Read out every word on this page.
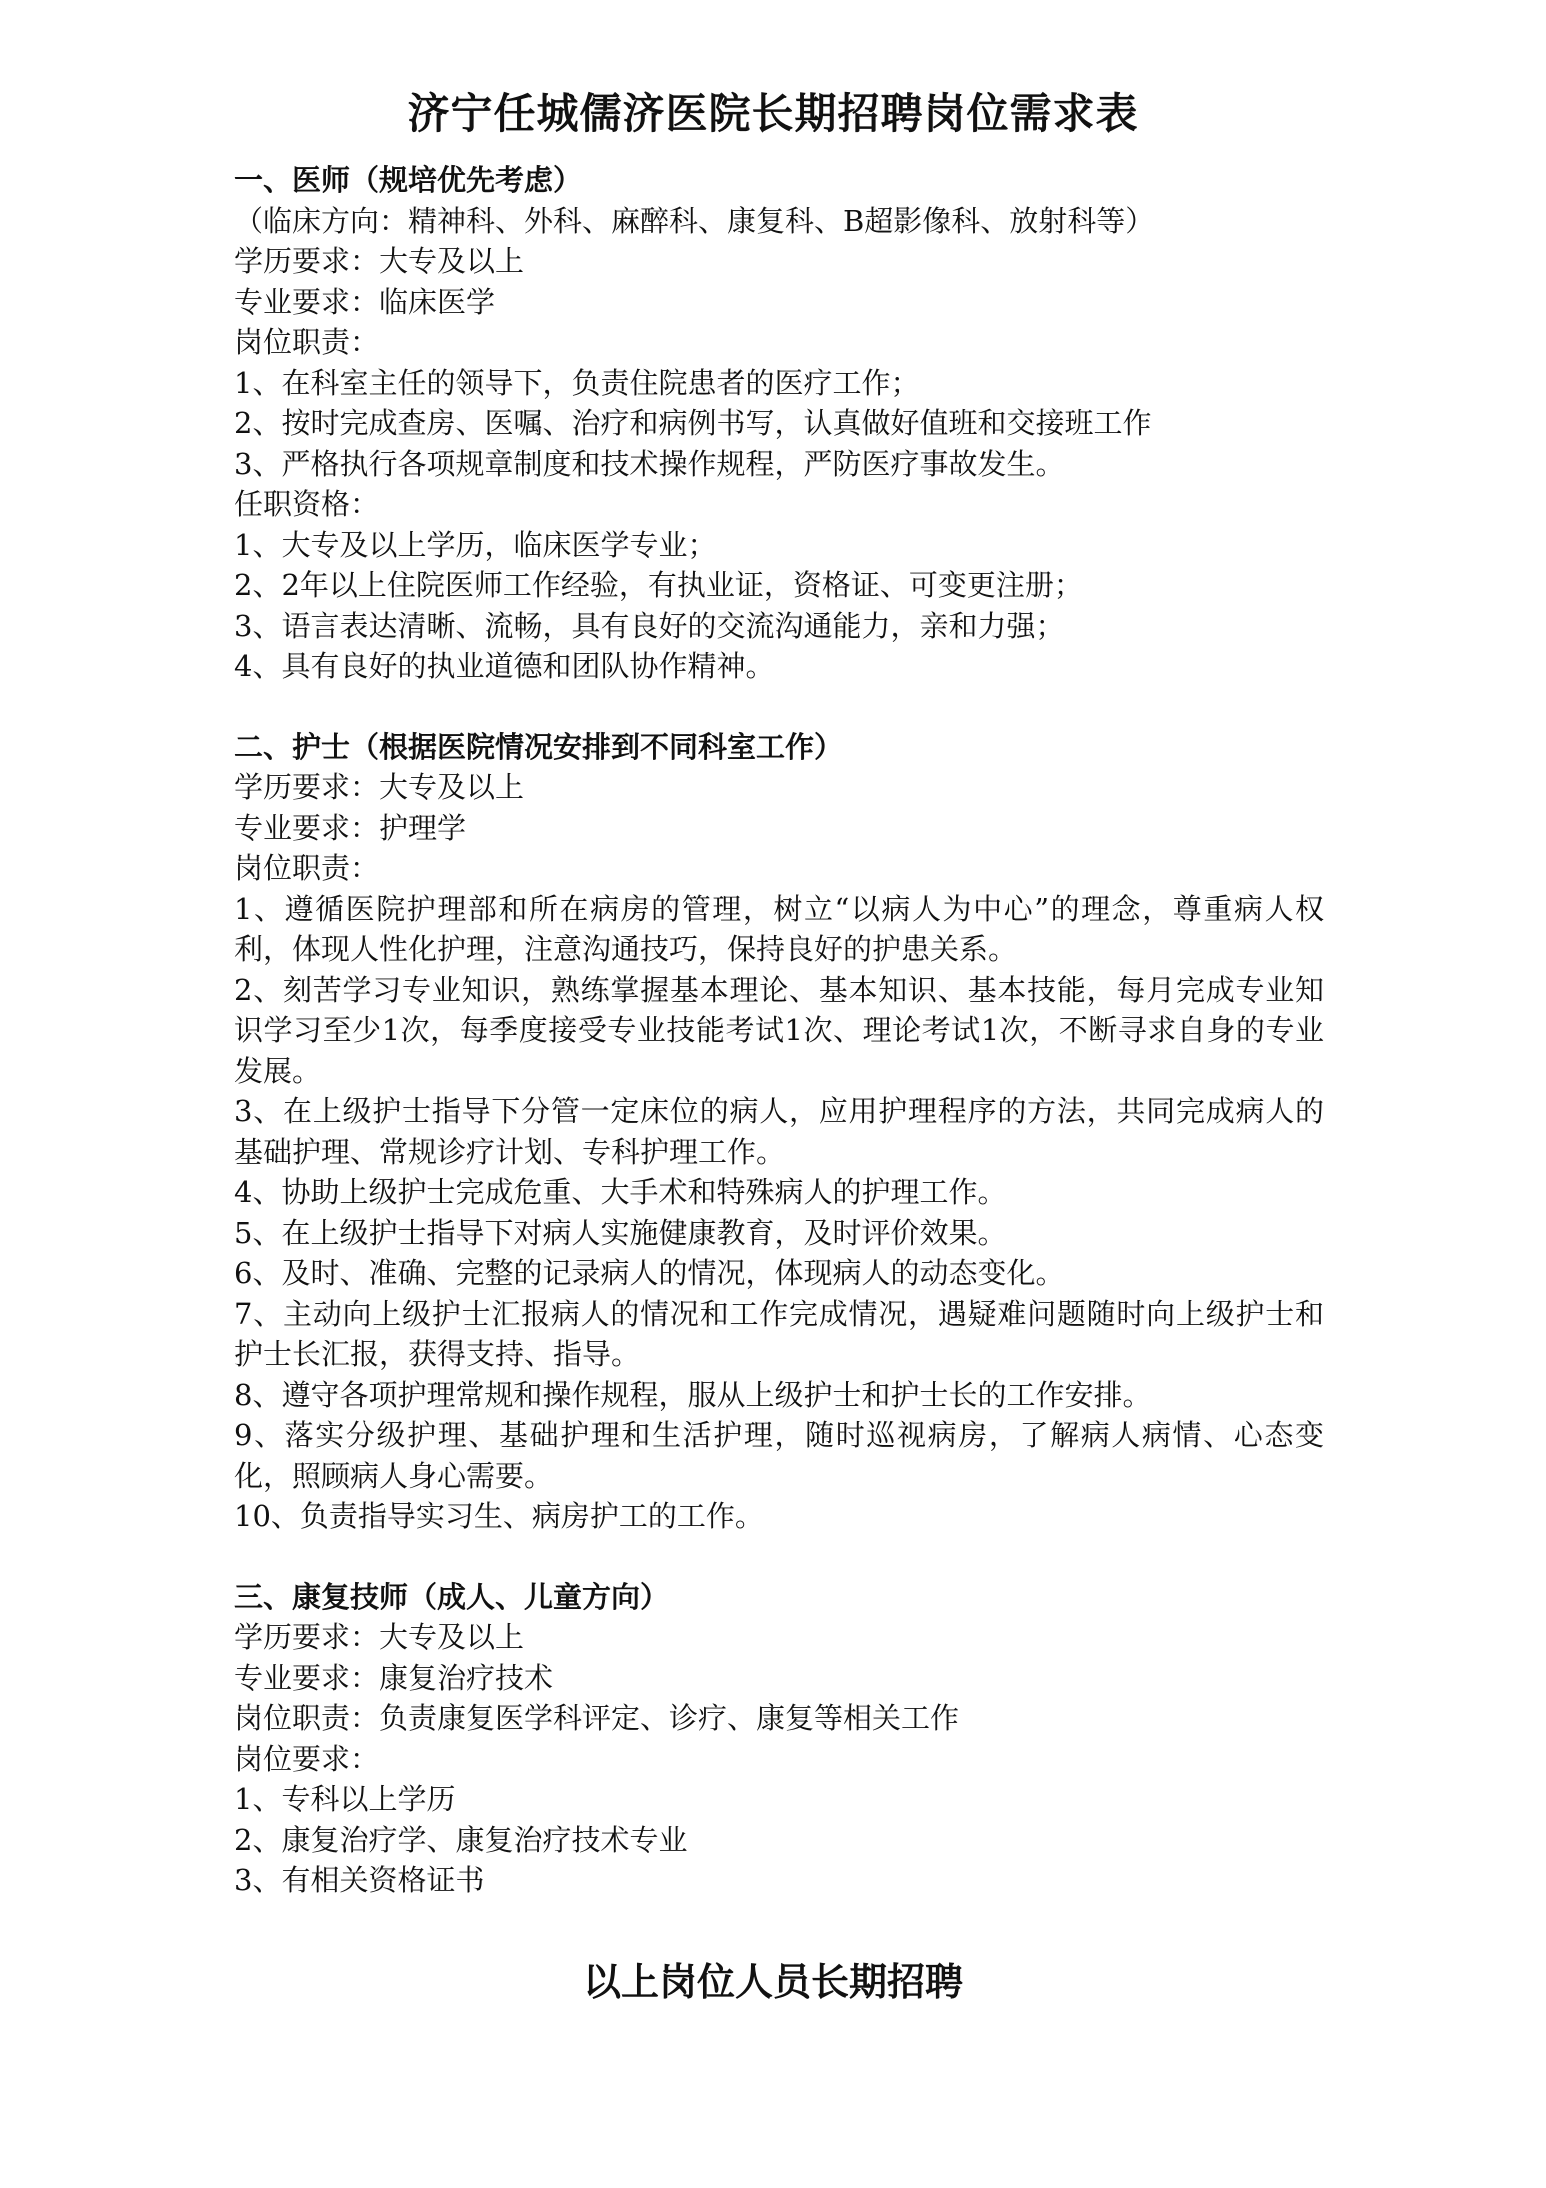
济宁任城儒济医院长期招聘岗位需求表
一、医师（规培优先考虑）
（临床方向：精神科、外科、麻醉科、康复科、B超影像科、放射科等）
学历要求：大专及以上
专业要求：临床医学
岗位职责：
1、在科室主任的领导下，负责住院患者的医疗工作；
2、按时完成查房、医嘱、治疗和病例书写，认真做好值班和交接班工作
3、严格执行各项规章制度和技术操作规程，严防医疗事故发生。
任职资格：
1、大专及以上学历，临床医学专业；
2、2年以上住院医师工作经验，有执业证，资格证、可变更注册；
3、语言表达清晰、流畅，具有良好的交流沟通能力，亲和力强；
4、具有良好的执业道德和团队协作精神。
二、护士（根据医院情况安排到不同科室工作）
学历要求：大专及以上
专业要求：护理学
岗位职责：
1、遵循医院护理部和所在病房的管理，树立“以病人为中心”的理念，尊重病人权利，体现人性化护理，注意沟通技巧，保持良好的护患关系。
2、刻苦学习专业知识，熟练掌握基本理论、基本知识、基本技能，每月完成专业知识学习至少1次，每季度接受专业技能考试1次、理论考试1次，不断寻求自身的专业发展。
3、在上级护士指导下分管一定床位的病人，应用护理程序的方法，共同完成病人的基础护理、常规诊疗计划、专科护理工作。
4、协助上级护士完成危重、大手术和特殊病人的护理工作。
5、在上级护士指导下对病人实施健康教育，及时评价效果。
6、及时、准确、完整的记录病人的情况，体现病人的动态变化。
7、主动向上级护士汇报病人的情况和工作完成情况，遇疑难问题随时向上级护士和护士长汇报，获得支持、指导。
8、遵守各项护理常规和操作规程，服从上级护士和护士长的工作安排。
9、落实分级护理、基础护理和生活护理，随时巡视病房，了解病人病情、心态变化，照顾病人身心需要。
10、负责指导实习生、病房护工的工作。
三、康复技师（成人、儿童方向）
学历要求：大专及以上
专业要求：康复治疗技术
岗位职责：负责康复医学科评定、诊疗、康复等相关工作
岗位要求：
1、专科以上学历
2、康复治疗学、康复治疗技术专业
3、有相关资格证书
以上岗位人员长期招聘
